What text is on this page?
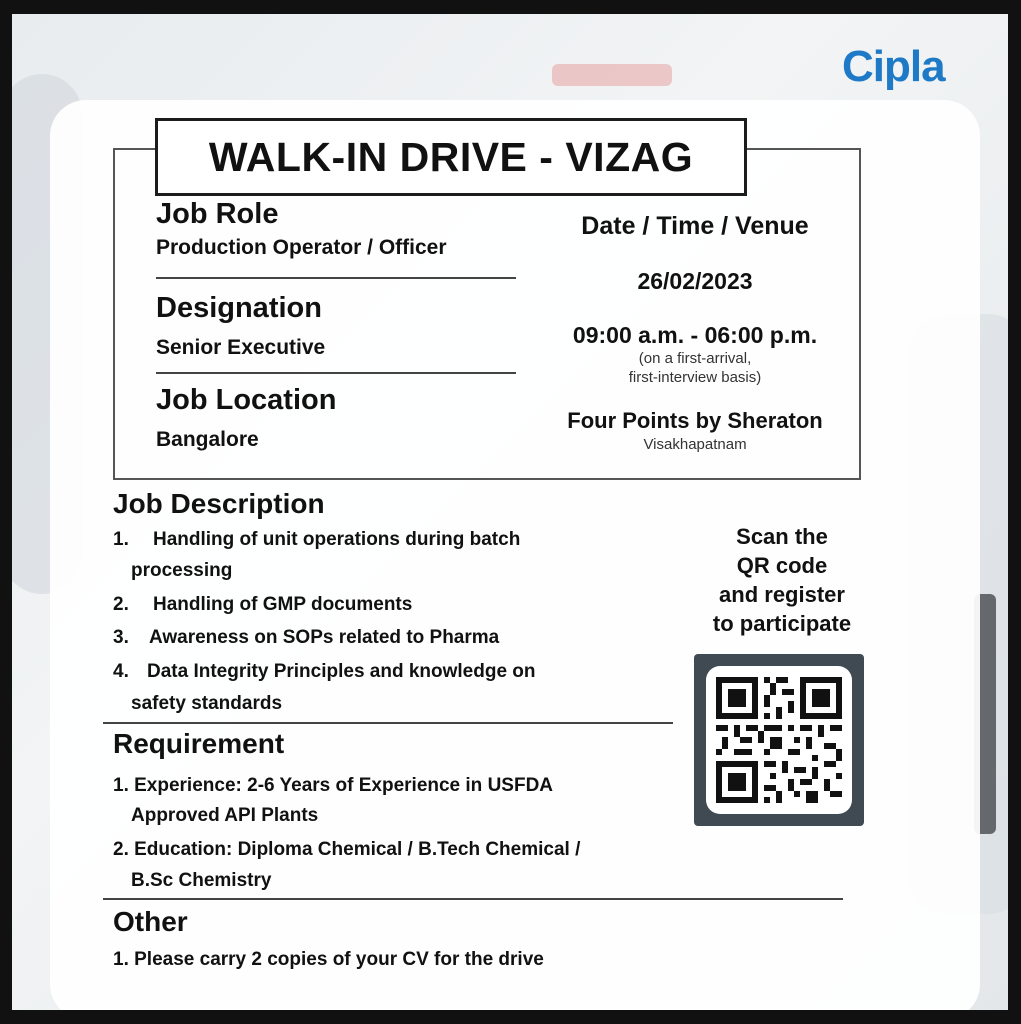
Cipla
WALK-IN DRIVE - VIZAG
Job Role
Production Operator / Officer
Designation
Senior Executive
Job Location
Bangalore
Date / Time / Venue
26/02/2023
09:00 a.m. - 06:00 p.m.
(on a first-arrival,
first-interview basis)
Four Points by Sheraton
Visakhapatnam
Job Description
1. Handling of unit operations during batch
processing
2. Handling of GMP documents
3. Awareness on SOPs related to Pharma
4. Data Integrity Principles and knowledge on
safety standards
Requirement
1. Experience: 2-6 Years of Experience in USFDA
Approved API Plants
2. Education: Diploma Chemical / B.Tech Chemical /
B.Sc Chemistry
Other
1. Please carry 2 copies of your CV for the drive
Scan the
QR code
and register
to participate
